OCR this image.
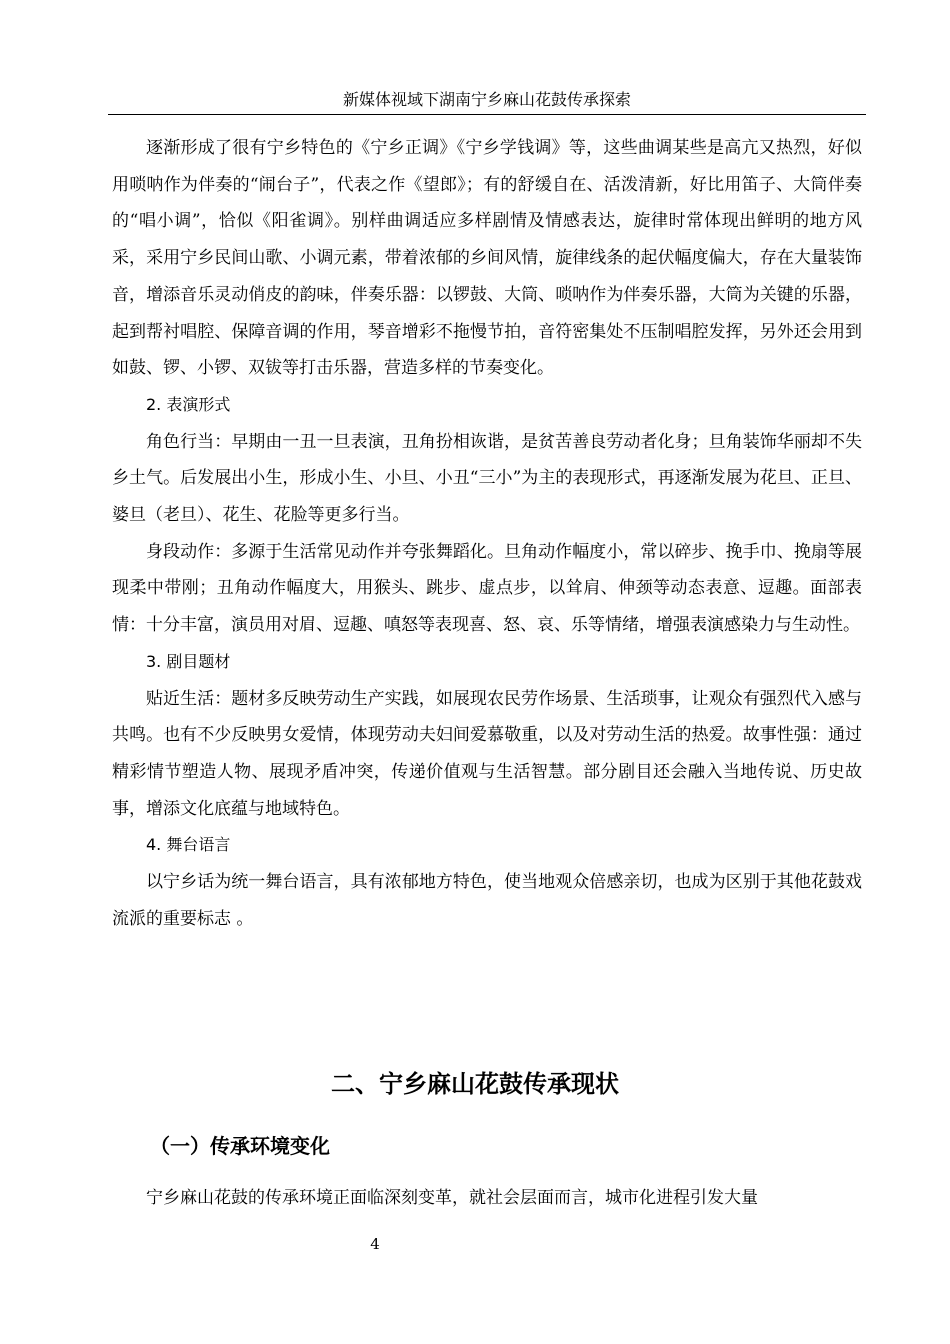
新媒体视域下湖南宁乡麻山花鼓传承探索

逐渐形成了很有宁乡特色的《宁乡正调》《宁乡学钱调》等，这些曲调某些是高亢又热烈，好似用唢呐作为伴奏的“闹台子”，代表之作《望郎》；有的舒缓自在、活泼清新，好比用笛子、大筒伴奏的“唱小调”，恰似《阳雀调》。别样曲调适应多样剧情及情感表达，旋律时常体现出鲜明的地方风采，采用宁乡民间山歌、小调元素，带着浓郁的乡间风情，旋律线条的起伏幅度偏大，存在大量装饰音，增添音乐灵动俏皮的韵味，伴奏乐器：以锣鼓、大筒、唢呐作为伴奏乐器，大筒为关键的乐器，起到帮衬唱腔、保障音调的作用，琴音增彩不拖慢节拍，音符密集处不压制唱腔发挥，另外还会用到如鼓、锣、小锣、双钹等打击乐器，营造多样的节奏变化。

2. 表演形式

角色行当：早期由一丑一旦表演，丑角扮相诙谐，是贫苦善良劳动者化身；旦角装饰华丽却不失乡土气。后发展出小生，形成小生、小旦、小丑“三小”为主的表现形式，再逐渐发展为花旦、正旦、婆旦（老旦）、花生、花脸等更多行当。

身段动作：多源于生活常见动作并夸张舞蹈化。旦角动作幅度小，常以碎步、挽手巾、挽扇等展现柔中带刚；丑角动作幅度大，用猴头、跳步、虚点步，以耸肩、伸颈等动态表意、逗趣。面部表情：十分丰富，演员用对眉、逗趣、嗔怒等表现喜、怒、哀、乐等情绪，增强表演感染力与生动性。

3. 剧目题材

贴近生活：题材多反映劳动生产实践，如展现农民劳作场景、生活琐事，让观众有强烈代入感与共鸣。也有不少反映男女爱情，体现劳动夫妇间爱慕敬重，以及对劳动生活的热爱。故事性强：通过精彩情节塑造人物、展现矛盾冲突，传递价值观与生活智慧。部分剧目还会融入当地传说、历史故事，增添文化底蕴与地域特色。

4. 舞台语言

以宁乡话为统一舞台语言，具有浓郁地方特色，使当地观众倍感亲切，也成为区别于其他花鼓戏流派的重要标志 。

二、宁乡麻山花鼓传承现状
（一）传承环境变化

宁乡麻山花鼓的传承环境正面临深刻变革，就社会层面而言，城市化进程引发大量

4
